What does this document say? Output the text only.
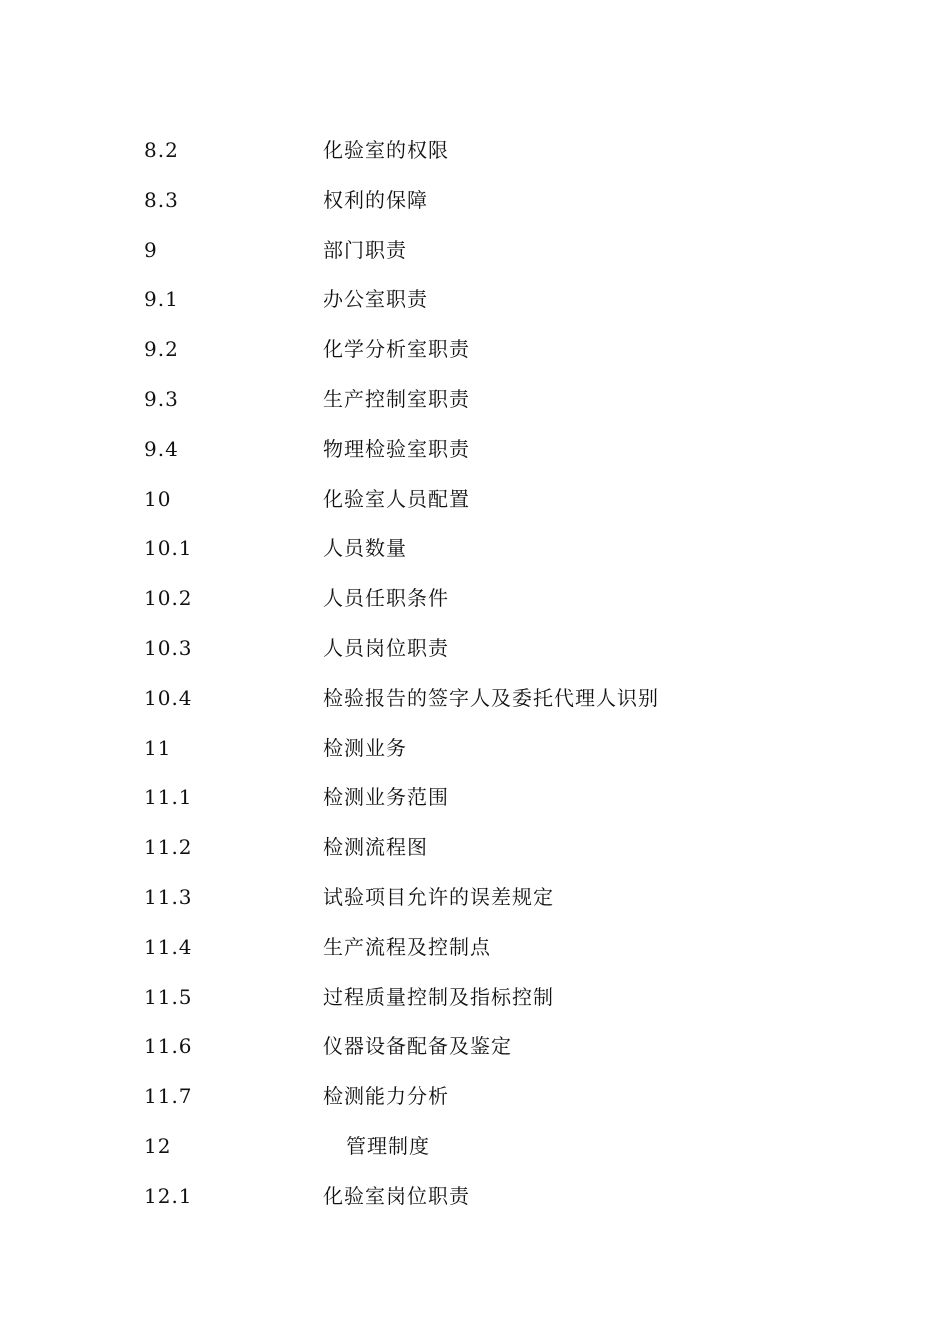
8.2	化验室的权限
8.3	权利的保障
9	部门职责
9.1	办公室职责
9.2	化学分析室职责
9.3	生产控制室职责
9.4	物理检验室职责
10	化验室人员配置
10.1	人员数量
10.2	人员任职条件
10.3	人员岗位职责
10.4	检验报告的签字人及委托代理人识别
11	检测业务
11.1	检测业务范围
11.2	检测流程图
11.3	试验项目允许的误差规定
11.4	生产流程及控制点
11.5	过程质量控制及指标控制
11.6	仪器设备配备及鉴定
11.7	检测能力分析
12	管理制度
12.1	化验室岗位职责
